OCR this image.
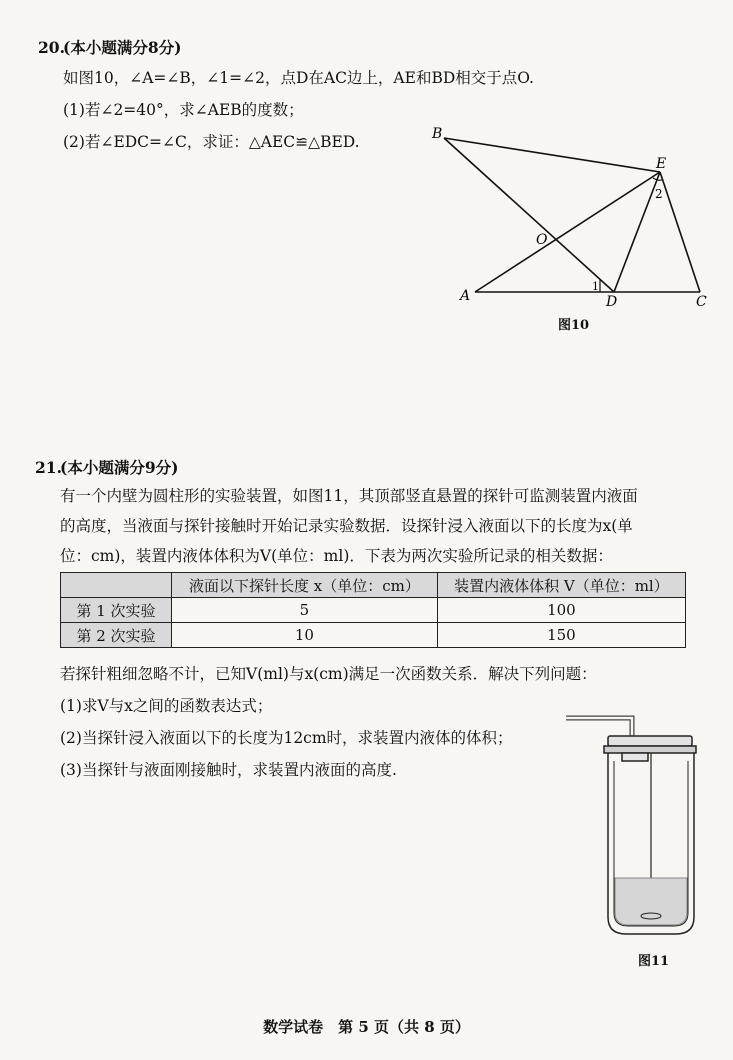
20.
(本小题满分8分)
如图10，∠A=∠B，∠1=∠2，点D在AC边上，AE和BD相交于点O.
(1)若∠2=40°，求∠AEB的度数；
(2)若∠EDC=∠C，求证：△AEC≌△BED.	B
E
2
O
1
A	D	C
图10
21.
(本小题满分9分)
有一个内壁为圆柱形的实验装置，如图11，其顶部竖直悬置的探针可监测装置内液面
的高度，当液面与探针接触时开始记录实验数据．设探针浸入液面以下的长度为x(单
位：cm)，装置内液体体积为V(单位：ml)．下表为两次实验所记录的相关数据：
	液面以下探针长度 x（单位：cm）	装置内液体体积 V（单位：ml）
第 1 次实验	5	100
第 2 次实验	10	150
若探针粗细忽略不计，已知V(ml)与x(cm)满足一次函数关系．解决下列问题：
(1)求V与x之间的函数表达式；
(2)当探针浸入液面以下的长度为12cm时，求装置内液体的体积；
(3)当探针与液面刚接触时，求装置内液面的高度.
图11
数学试卷　第 5 页（共 8 页）
